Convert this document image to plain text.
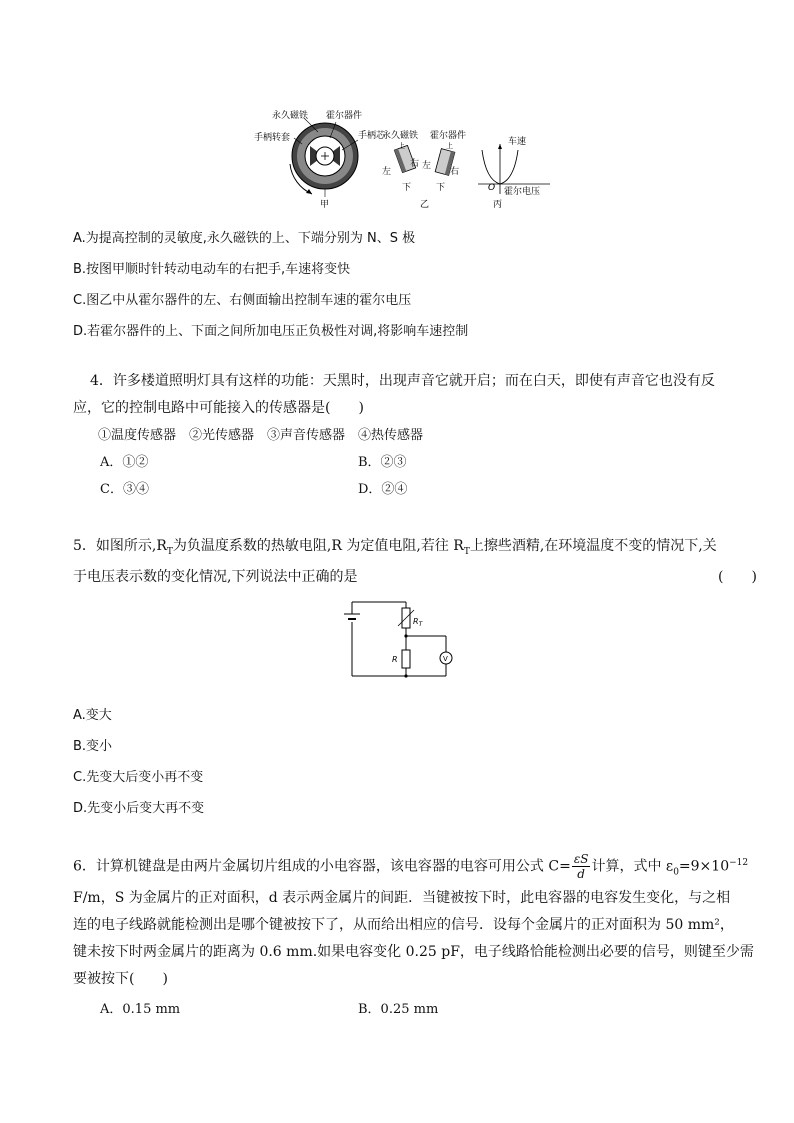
永久磁铁 霍尔器件
手柄转套	手柄芯
甲
永久磁铁 霍尔器件
上	上
左
右 左
右
下	下
乙
车速
O 霍尔电压
丙
A.为提高控制的灵敏度,永久磁铁的上、下端分别为 N、S 极
B.按图甲顺时针转动电动车的右把手,车速将变快
C.图乙中从霍尔器件的左、右侧面输出控制车速的霍尔电压
D.若霍尔器件的上、下面之间所加电压正负极性对调,将影响车速控制
4．许多楼道照明灯具有这样的功能：天黑时，出现声音它就开启；而在白天，即使有声音它也没有反
应，它的控制电路中可能接入的传感器是(　　)
①温度传感器　②光传感器　③声音传感器　④热传感器
A．①②	B．②③
C．③④	D．②④
5．如图所示$,R_T$为负温度系数的热敏电阻,R 为定值电阻,若往 $R_T$上擦些酒精,在环境温度不变的情况下,关
于电压表示数的变化情况,下列说法中正确的是	(　　)
$R_T$
R	V
A.变大
B.变小
C.先变大后变小再不变
D.先变小后变大再不变
6．计算机键盘是由两片金属切片组成的小电容器，该电容器的电容可用公式 $C= \frac{\varepsilon S}{d}$ 计算，式中 $\varepsilon_0=9\times 10^{-12}$
F/m，S 为金属片的正对面积，d 表示两金属片的间距．当键被按下时，此电容器的电容发生变化，与之相
连的电子线路就能检测出是哪个键被按下了，从而给出相应的信号．设每个金属片的正对面积为 50 mm²，
键未按下时两金属片的距离为 0.6 mm.如果电容变化 0.25 pF，电子线路恰能检测出必要的信号，则键至少需
要被按下(　　)
A．0.15 mm	B．0.25 mm
